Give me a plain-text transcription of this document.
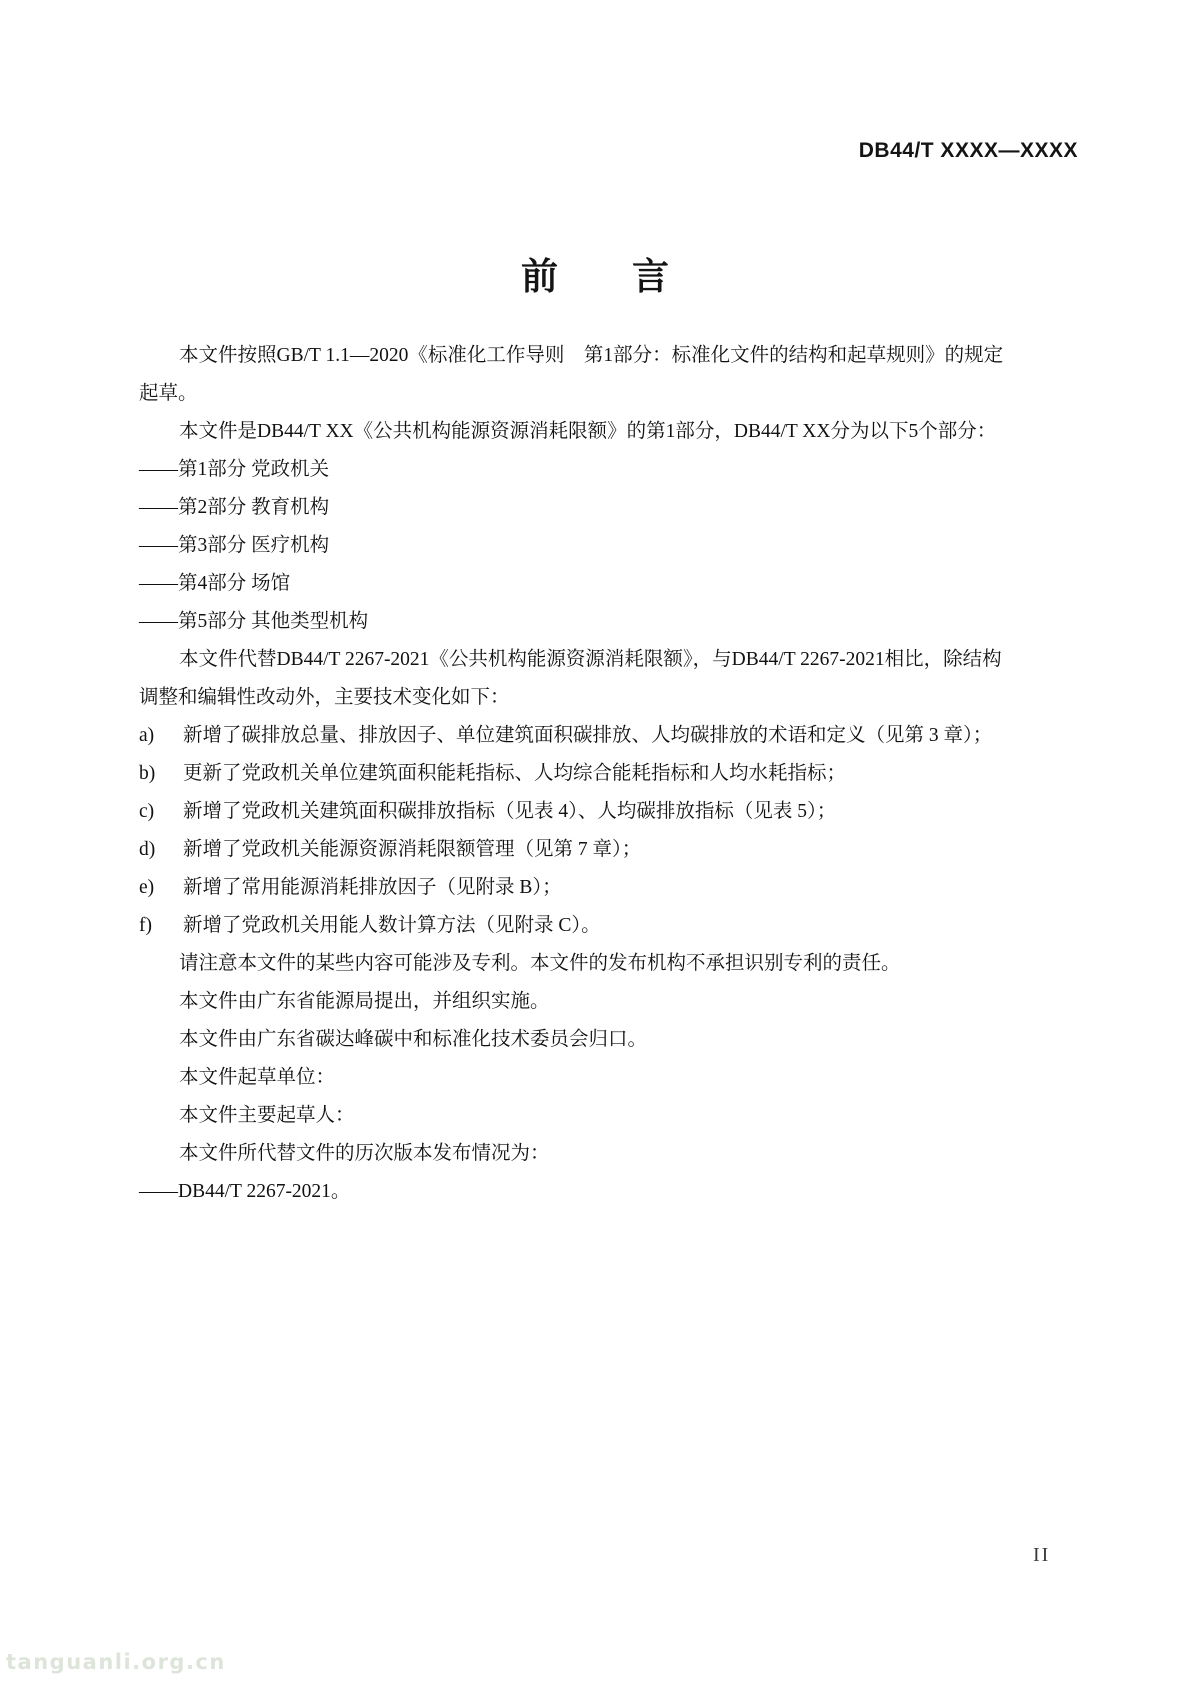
DB44/T XXXX—XXXX
前　　言

本文件按照GB/T 1.1—2020《标准化工作导则　第1部分：标准化文件的结构和起草规则》的规定

起草。

本文件是DB44/T XX《公共机构能源资源消耗限额》的第1部分，DB44/T XX分为以下5个部分：

——第1部分 党政机关

——第2部分 教育机构

——第3部分 医疗机构

——第4部分 场馆

——第5部分 其他类型机构

本文件代替DB44/T 2267-2021《公共机构能源资源消耗限额》，与DB44/T 2267-2021相比，除结构

调整和编辑性改动外，主要技术变化如下：

a) 新增了碳排放总量、排放因子、单位建筑面积碳排放、人均碳排放的术语和定义（见第 3 章）；

b) 更新了党政机关单位建筑面积能耗指标、人均综合能耗指标和人均水耗指标；

c) 新增了党政机关建筑面积碳排放指标（见表 4）、人均碳排放指标（见表 5）；

d) 新增了党政机关能源资源消耗限额管理（见第 7 章）；

e) 新增了常用能源消耗排放因子（见附录 B）；

f) 新增了党政机关用能人数计算方法（见附录 C）。

请注意本文件的某些内容可能涉及专利。本文件的发布机构不承担识别专利的责任。

本文件由广东省能源局提出，并组织实施。

本文件由广东省碳达峰碳中和标准化技术委员会归口。

本文件起草单位：

本文件主要起草人：

本文件所代替文件的历次版本发布情况为：

——DB44/T 2267-2021。

II
tanguanli.org.cn
